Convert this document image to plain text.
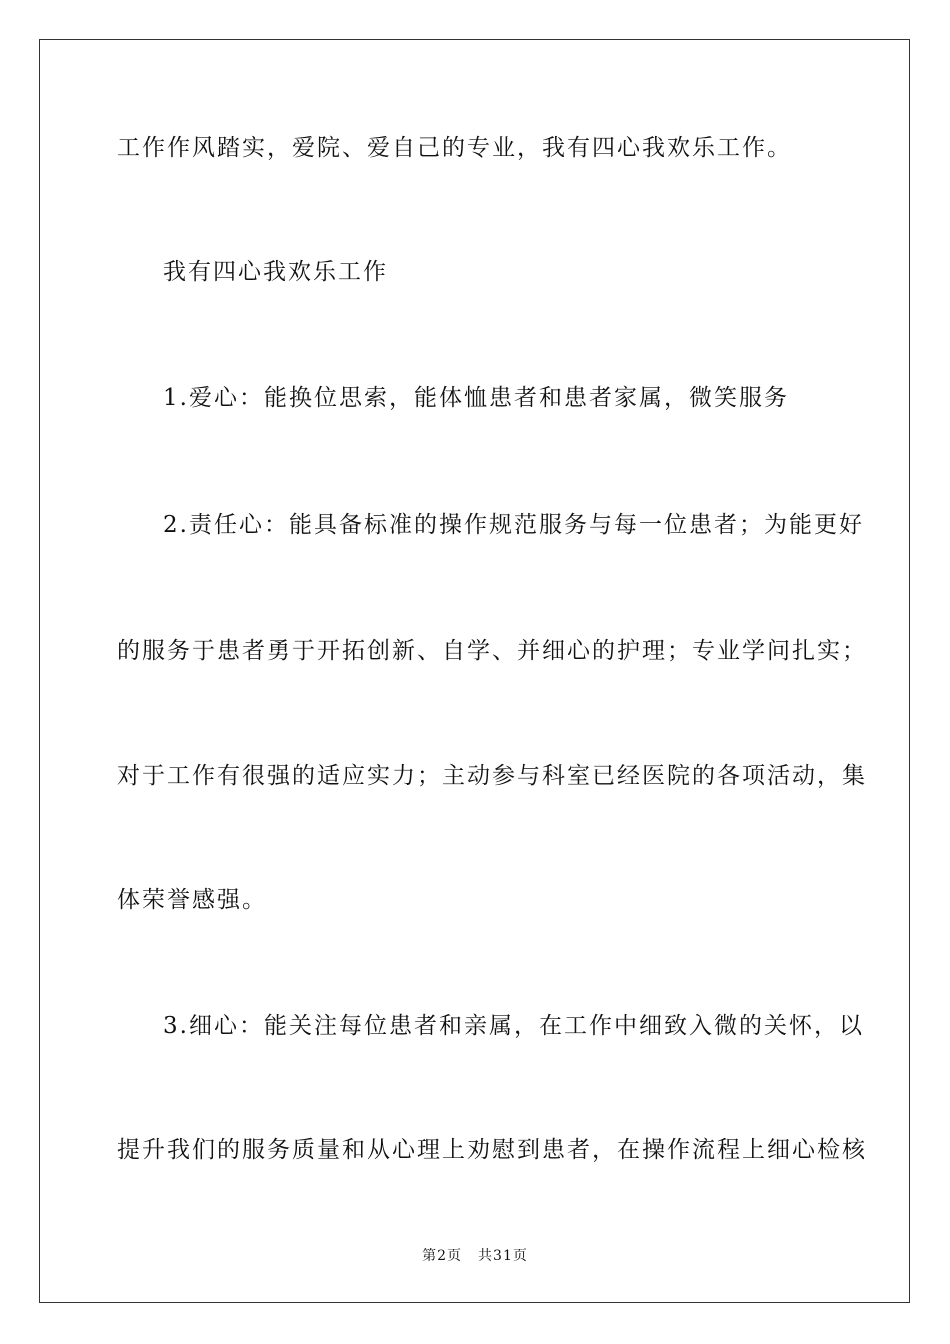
工作作风踏实，爱院、爱自己的专业，我有四心我欢乐工作。
我有四心我欢乐工作
1.爱心：能换位思索，能体恤患者和患者家属，微笑服务
2.责任心：能具备标准的操作规范服务与每一位患者；为能更好
的服务于患者勇于开拓创新、自学、并细心的护理；专业学问扎实；
对于工作有很强的适应实力；主动参与科室已经医院的各项活动，集
体荣誉感强。
3.细心：能关注每位患者和亲属，在工作中细致入微的关怀，以
提升我们的服务质量和从心理上劝慰到患者，在操作流程上细心检核
第2页 共31页
